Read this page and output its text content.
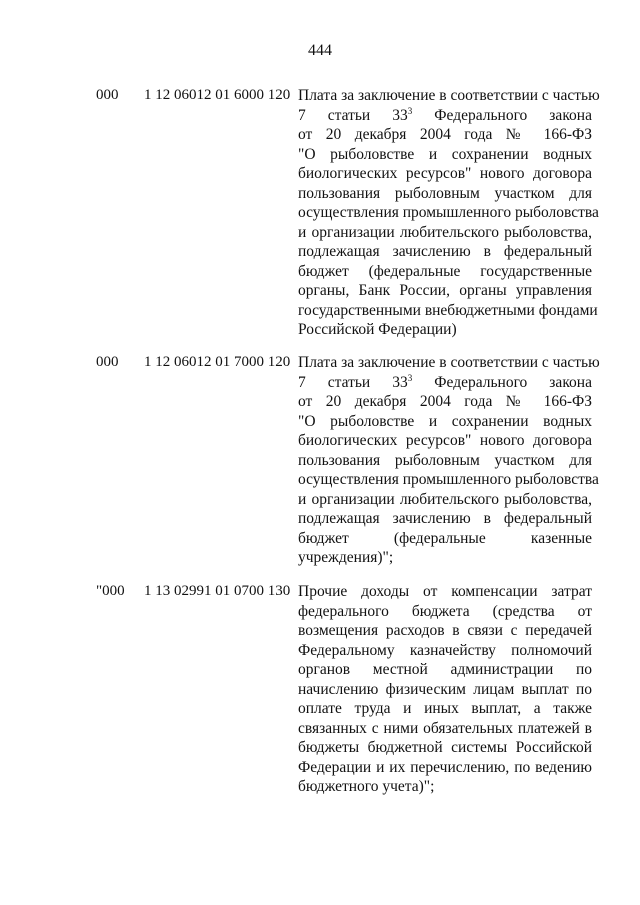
444
000 1 12 06012 01 6000 120 Плата за заключение в соответствии с частью
7 статьи $33^3$ Федерального закона
от 20 декабря 2004 года № 166-ФЗ
"О рыболовстве и сохранении водных
биологических ресурсов" нового договора
пользования рыболовным участком для
осуществления промышленного рыболовства
и организации любительского рыболовства,
подлежащая зачислению в федеральный
бюджет (федеральные государственные
органы, Банк России, органы управления
государственными внебюджетными фондами
Российской Федерации)
000 1 12 06012 01 7000 120 Плата за заключение в соответствии с частью
7 статьи $33^3$ Федерального закона
от 20 декабря 2004 года № 166-ФЗ
"О рыболовстве и сохранении водных
биологических ресурсов" нового договора
пользования рыболовным участком для
осуществления промышленного рыболовства
и организации любительского рыболовства,
подлежащая зачислению в федеральный
бюджет (федеральные казенные
учреждения)";
"000 1 13 02991 01 0700 130 Прочие доходы от компенсации затрат
федерального бюджета (средства от
возмещения расходов в связи с передачей
Федеральному казначейству полномочий
органов местной администрации по
начислению физическим лицам выплат по
оплате труда и иных выплат, а также
связанных с ними обязательных платежей в
бюджеты бюджетной системы Российской
Федерации и их перечислению, по ведению
бюджетного учета)";
